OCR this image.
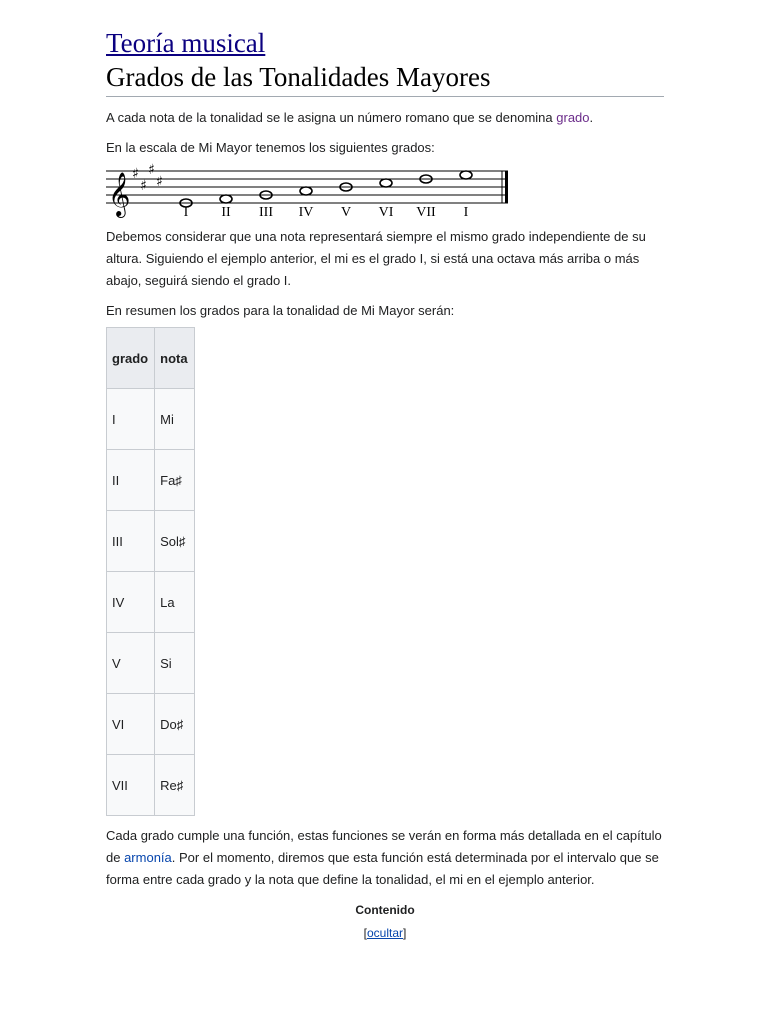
Teoría musical
Grados de las Tonalidades Mayores

A cada nota de la tonalidad se le asigna un número romano que se denomina grado.

En la escala de Mi Mayor tenemos los siguientes grados:

𝄞 ♯
♯
♯
♯
I II III IV V VI VII I

Debemos considerar que una nota representará siempre el mismo grado independiente de su altura. Siguiendo el ejemplo anterior, el mi es el grado I, si está una octava más arriba o más abajo, seguirá siendo el grado I.

En resumen los grados para la tonalidad de Mi Mayor serán:

grado	nota
I	Mi
II	Fa♯
III	Sol♯
IV	La
V	Si
VI	Do♯
VII	Re♯

Cada grado cumple una función, estas funciones se verán en forma más detallada en el capítulo de armonía. Por el momento, diremos que esta función está determinada por el intervalo que se forma entre cada grado y la nota que define la tonalidad, el mi en el ejemplo anterior.

Contenido
[ocultar]
